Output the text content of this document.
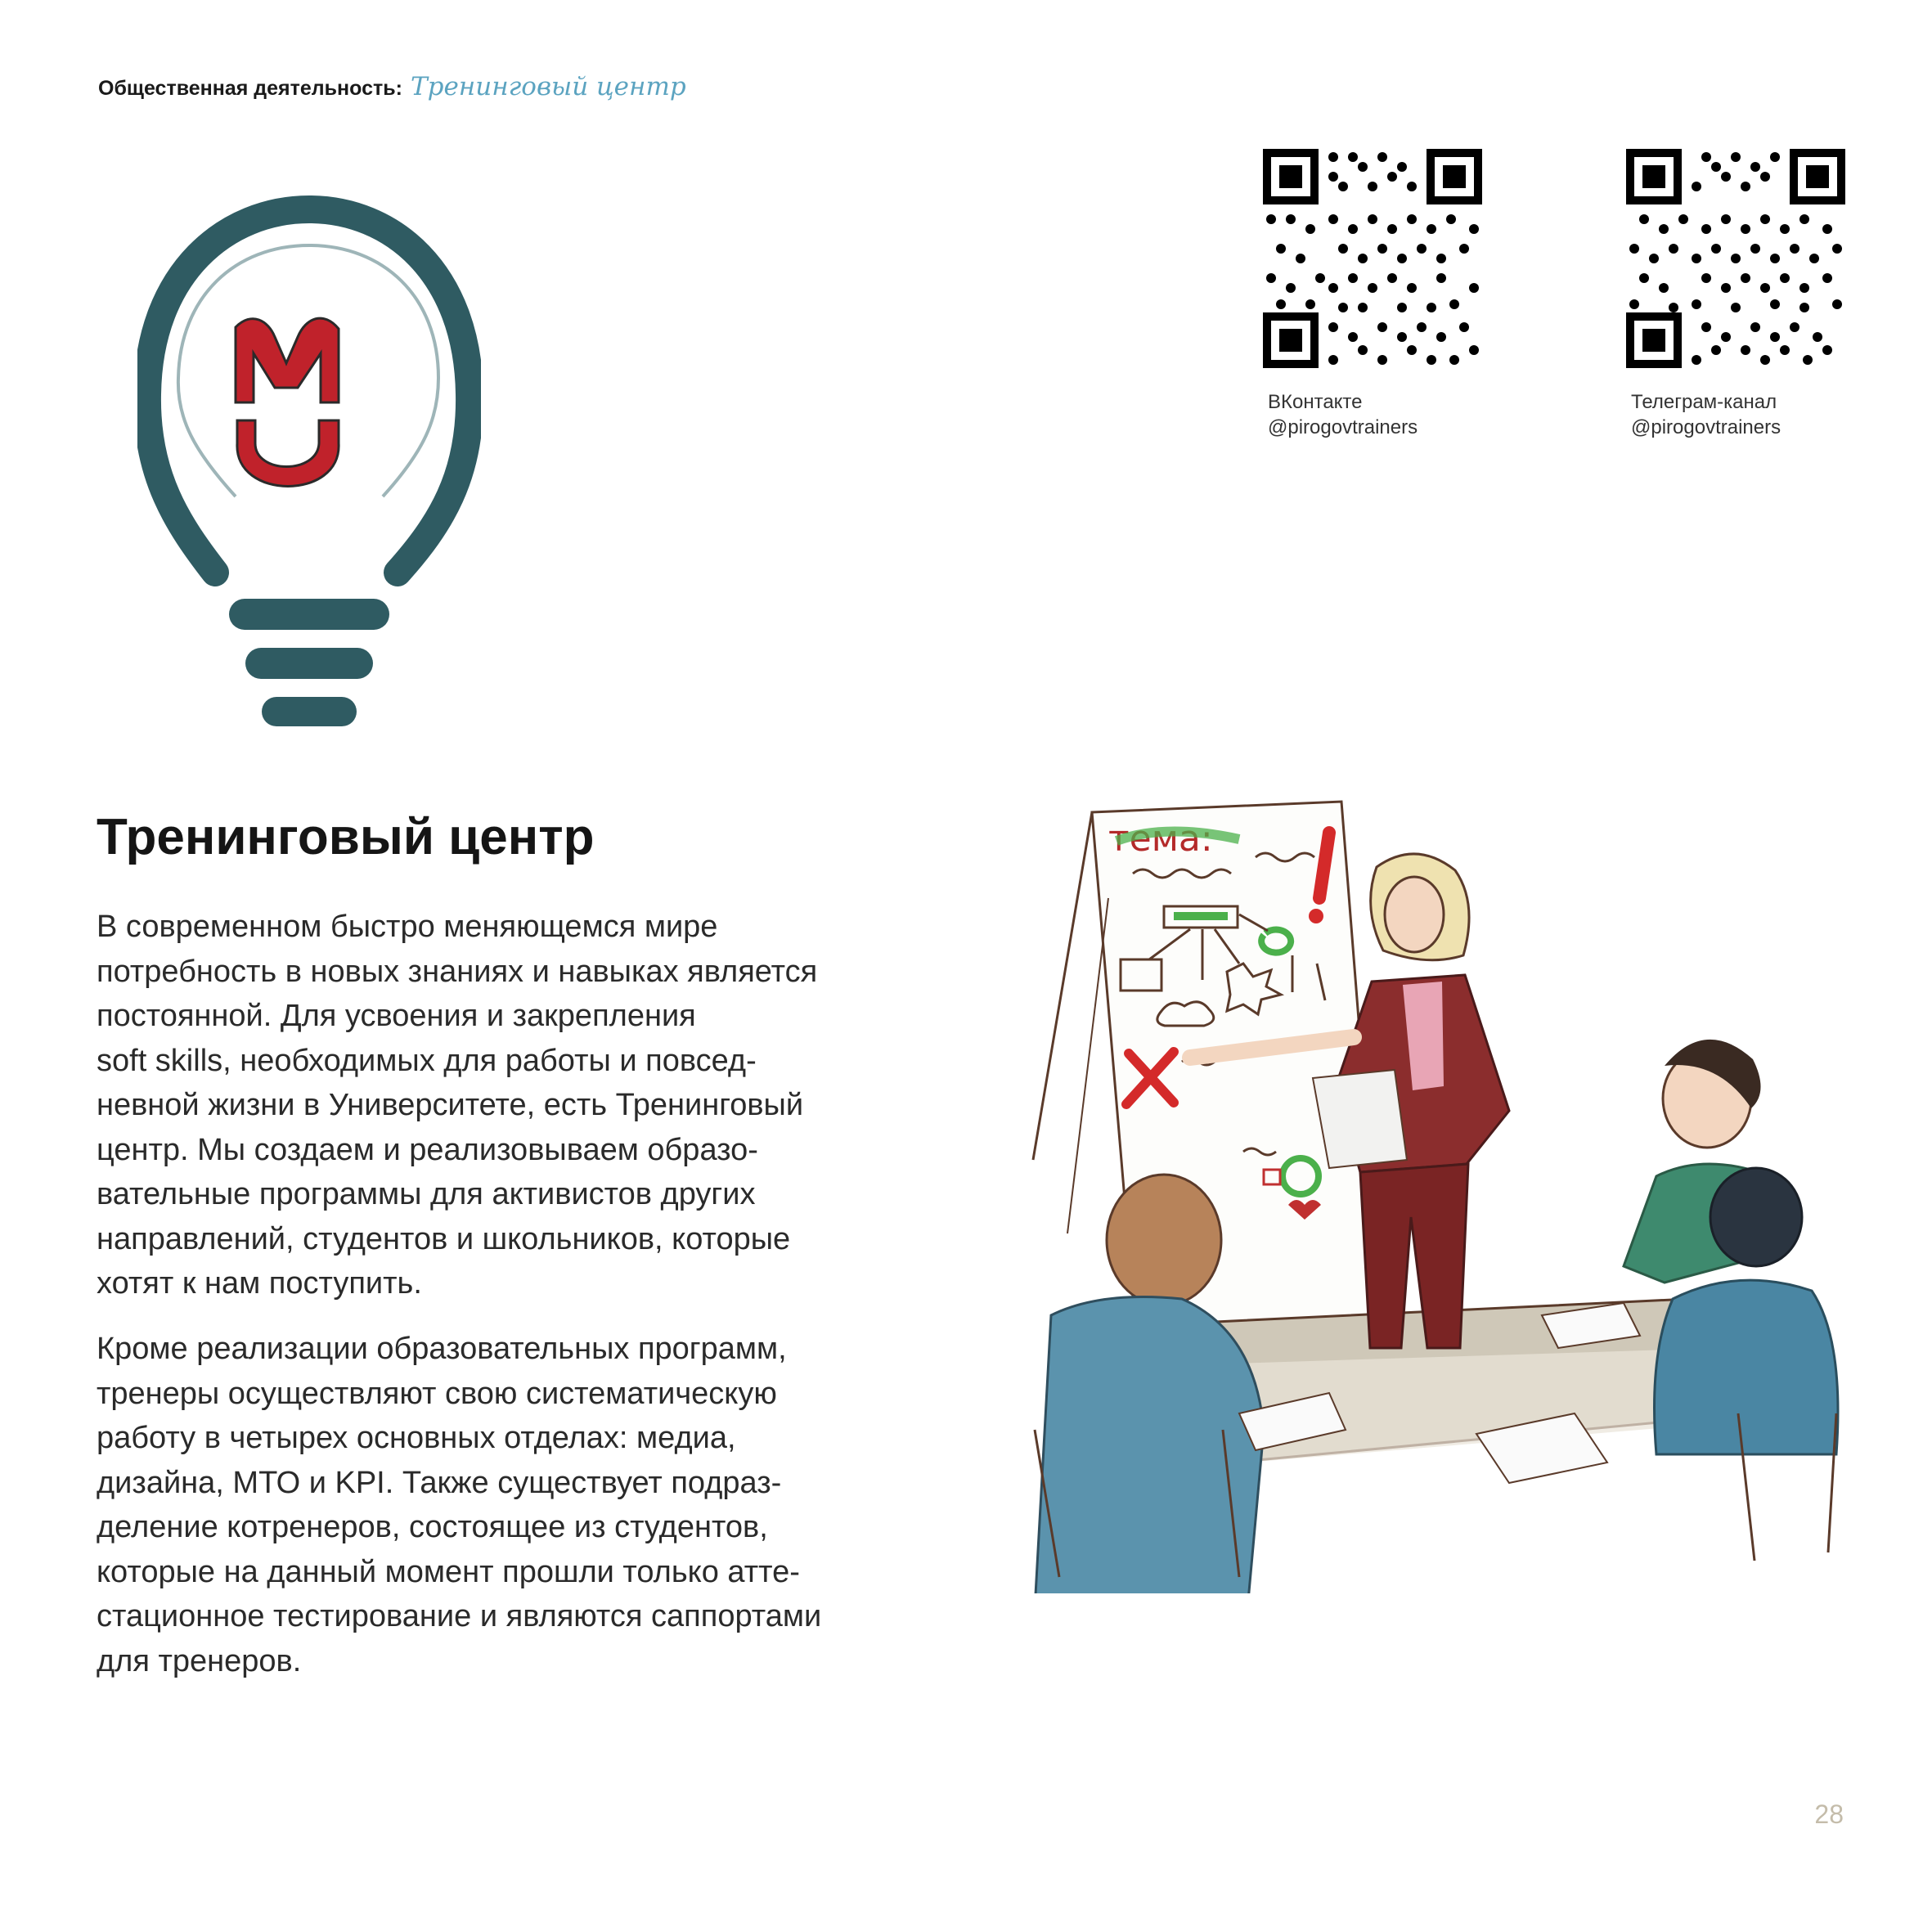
Общественная деятельность: Тренинговый центр
ВКонтакте
@pirogovtrainers
Телеграм-канал
@pirogovtrainers
Тренинговый центр

В современном быстро меняющемся мире
потребность в новых знаниях и навыках является
постоянной. Для усвоения и закрепления
soft skills, необходимых для работы и повсед-
невной жизни в Университете, есть Тренинговый
центр. Мы создаем и реализовываем образо-
вательные программы для активистов других
направлений, студентов и школьников, которые
хотят к нам поступить.

Кроме реализации образовательных программ,
тренеры осуществляют свою систематическую
работу в четырех основных отделах: медиа,
дизайна, МТО и KPI. Также существует подраз-
деление котренеров, состоящее из студентов,
которые на данный момент прошли только атте-
стационное тестирование и являются саппортами
для тренеров.

тема:
28
